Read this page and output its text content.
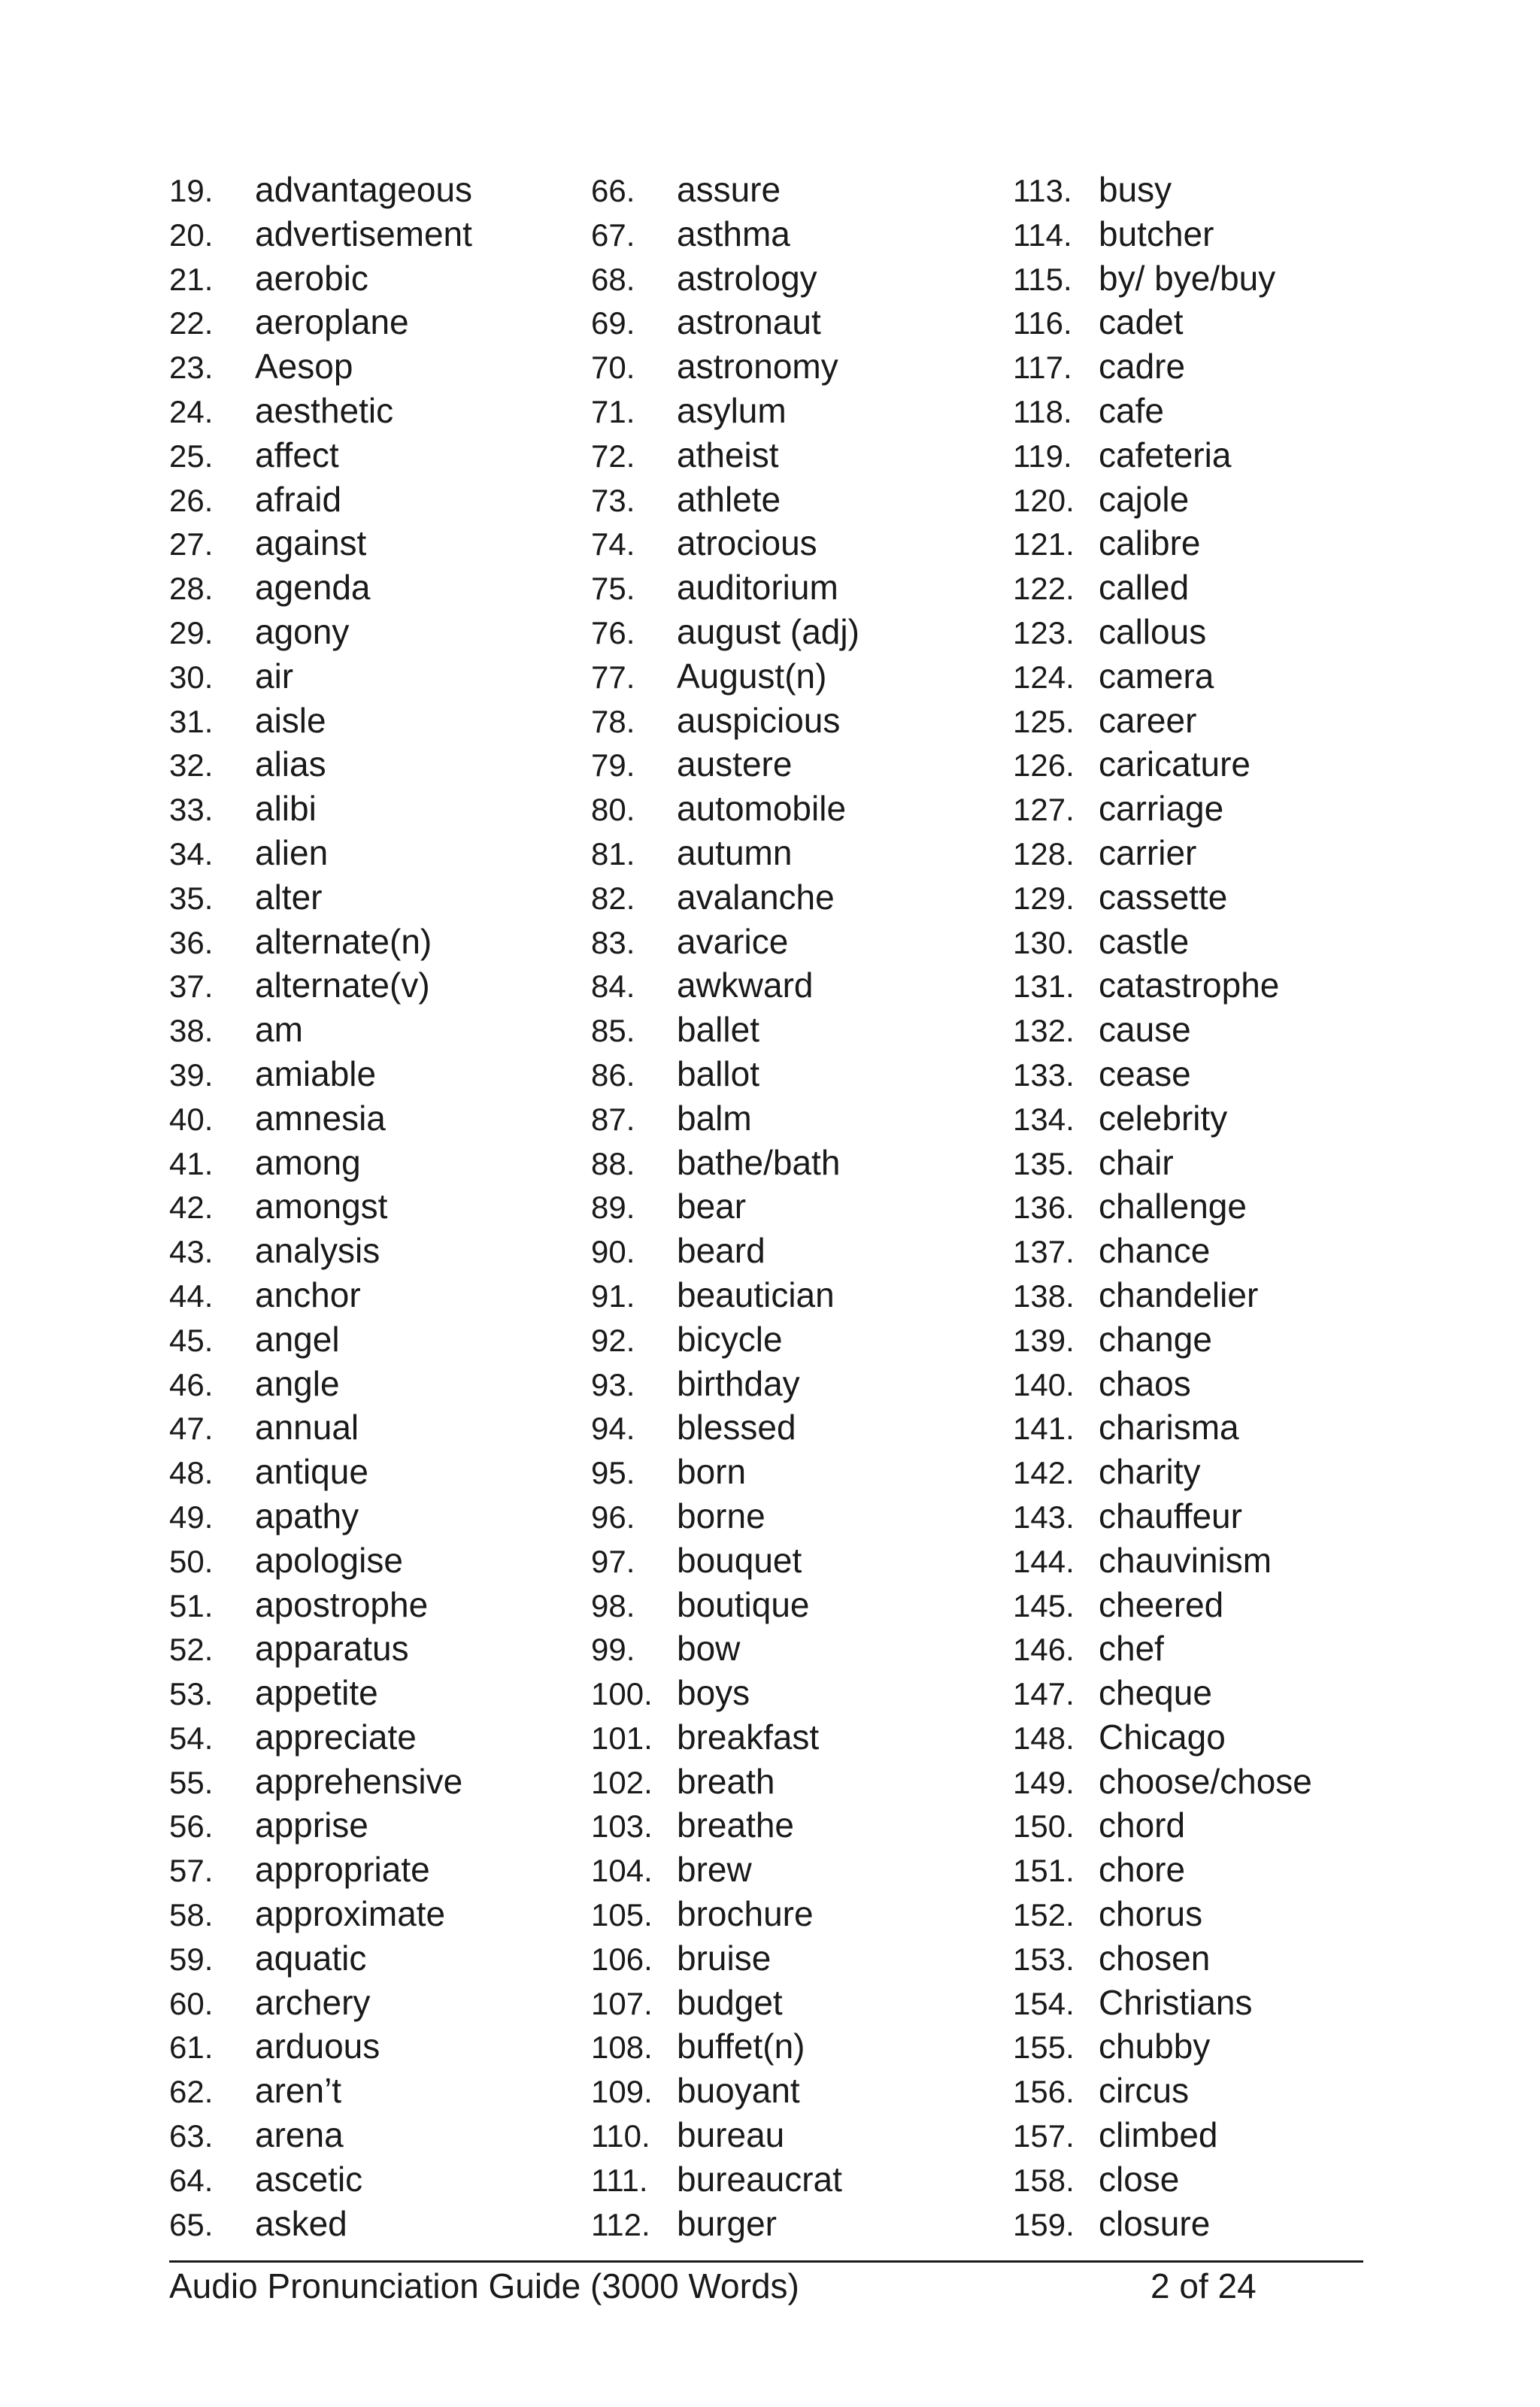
19.	advantageous
20.	advertisement
21.	aerobic
22.	aeroplane
23.	Aesop
24.	aesthetic
25.	affect
26.	afraid
27.	against
28.	agenda
29.	agony
30.	air
31.	aisle
32.	alias
33.	alibi
34.	alien
35.	alter
36.	alternate(n)
37.	alternate(v)
38.	am
39.	amiable
40.	amnesia
41.	among
42.	amongst
43.	analysis
44.	anchor
45.	angel
46.	angle
47.	annual
48.	antique
49.	apathy
50.	apologise
51.	apostrophe
52.	apparatus
53.	appetite
54.	appreciate
55.	apprehensive
56.	apprise
57.	appropriate
58.	approximate
59.	aquatic
60.	archery
61.	arduous
62.	aren’t
63.	arena
64.	ascetic
65.	asked
66.	assure
67.	asthma
68.	astrology
69.	astronaut
70.	astronomy
71.	asylum
72.	atheist
73.	athlete
74.	atrocious
75.	auditorium
76.	august (adj)
77.	August(n)
78.	auspicious
79.	austere
80.	automobile
81.	autumn
82.	avalanche
83.	avarice
84.	awkward
85.	ballet
86.	ballot
87.	balm
88.	bathe/bath
89.	bear
90.	beard
91.	beautician
92.	bicycle
93.	birthday
94.	blessed
95.	born
96.	borne
97.	bouquet
98.	boutique
99.	bow
100. boys
101. breakfast
102. breath
103. breathe
104. brew
105. brochure
106. bruise
107. budget
108. buffet(n)
109. buoyant
110. bureau
111. bureaucrat
112. burger
113. busy
114. butcher
115. by/ bye/buy
116. cadet
117. cadre
118. cafe
119. cafeteria
120. cajole
121. calibre
122. called
123. callous
124. camera
125. career
126. caricature
127. carriage
128. carrier
129. cassette
130. castle
131. catastrophe
132. cause
133. cease
134. celebrity
135. chair
136. challenge
137. chance
138. chandelier
139. change
140. chaos
141. charisma
142. charity
143. chauffeur
144. chauvinism
145. cheered
146. chef
147. cheque
148. Chicago
149. choose/chose
150. chord
151. chore
152. chorus
153. chosen
154. Christians
155. chubby
156. circus
157. climbed
158. close
159. closure
Audio Pronunciation Guide (3000 Words)	2 of 24
